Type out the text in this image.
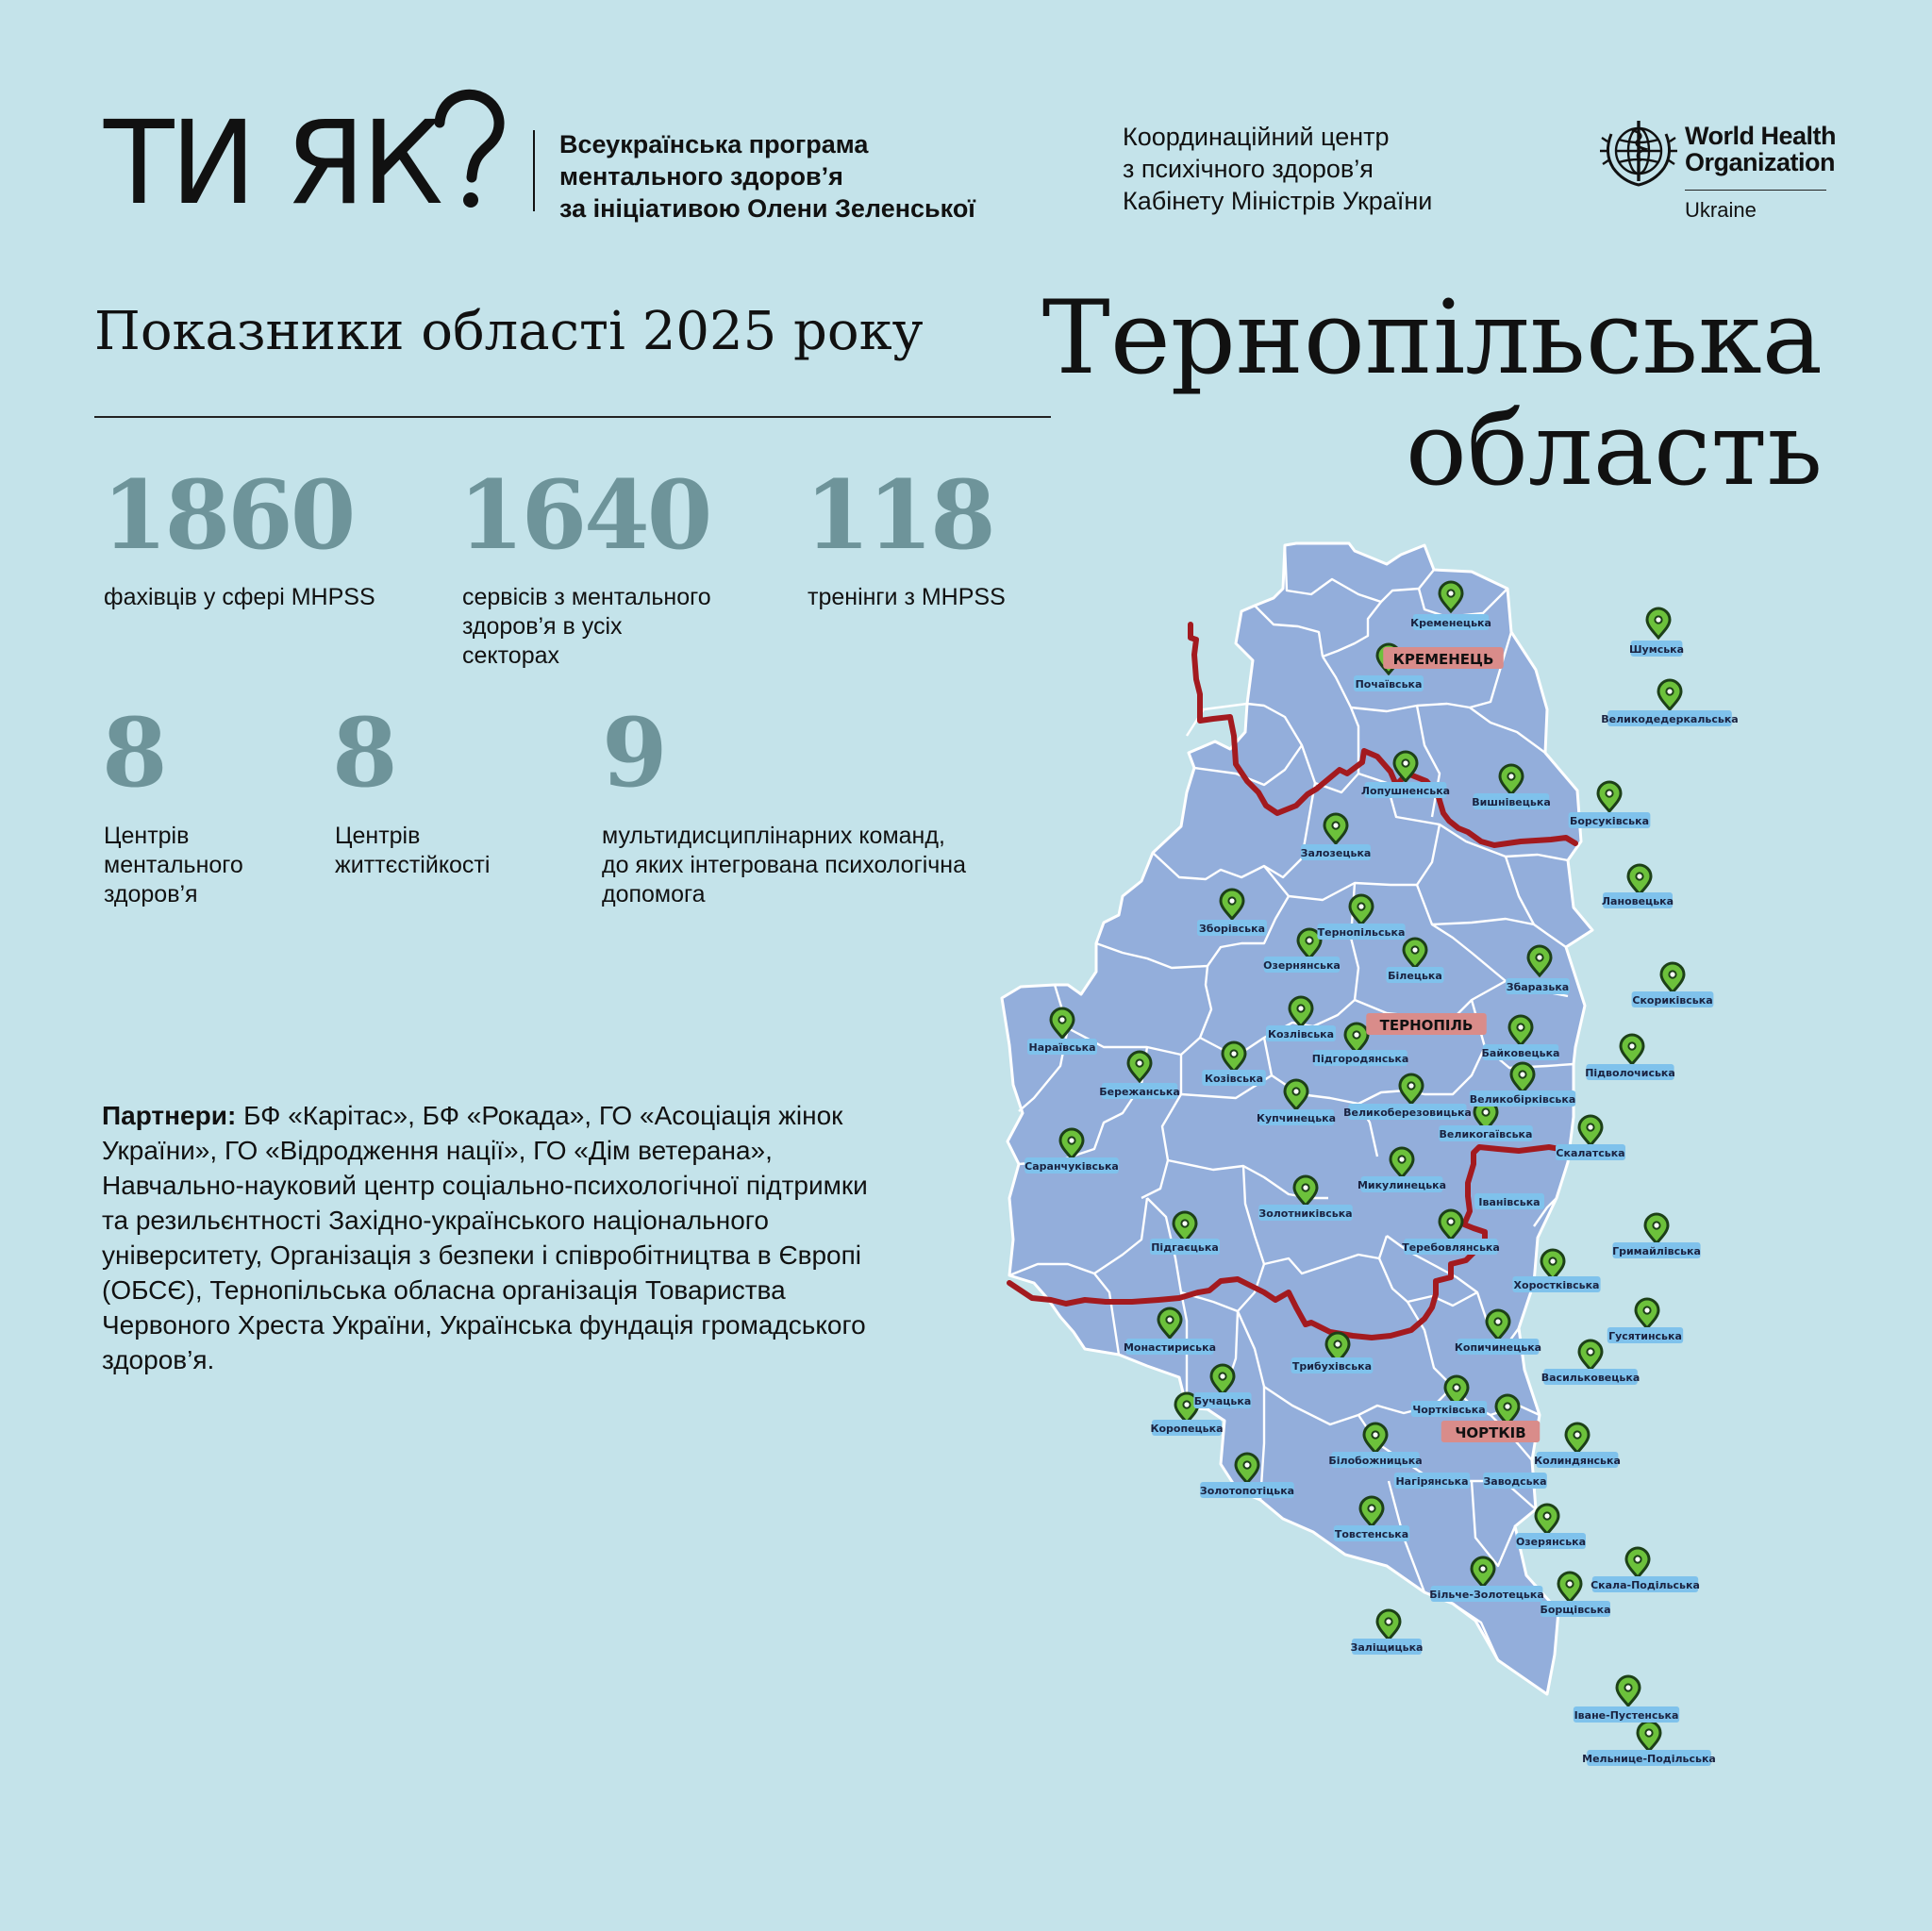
ТИ ЯК	Всеукраїнська програма
ментального здоров’я
за ініціативою Олени Зеленської
Координаційний центр
з психічного здоров’я
Кабінету Міністрів України
World Health
Organization
Ukraine
Показники області 2025 року Тернопільська
область
1860
фахівців у сфері MHPSS
1640
сервісів з ментального
здоров’я в усіх
секторах
118
тренінги з MHPSS
8
Центрів
ментального
здоров’я
8
Центрів
життєстійкості
9
мультидисциплінарних команд,
до яких інтегрована психологічна
допомога
Партнери: БФ «Карітас», БФ «Рокада», ГО «Асоціація жінок України», ГО «Відродження нації», ГО «Дім ветерана», Навчально-науковий центр соціально-психологічної підтримки та резильєнтності Західно-українського національного університету, Організація з безпеки і співробітництва в Європі (ОБСЄ), Тернопільська обласна організація Товариства Червоного Хреста України, Українська фундація громадського здоров’я.
Кременецька
Шумська
Почаївська
Великодедеркальська
Лопушненська
Вишнівецька
Борсуківська
Залозецька
Лановецька
Зборівська	Тернопільська
Озернянська
Білецька
Збаразька
Скориківська
Козлівська
Нараївська
Підгородянська	Байковецька
Бережанська
Козівська	Підволочиська
Купчинецька Великоберезовицька
Великобірківська
Великогаївська
Саранчуківська
Скалатська
Микулинецька
Золотниківська
Іванівська
Теребовлянська
Підгаєцька	Гримайлівська
Хоростківська
Монастириська	Копичинецька
Гусятинська
Трибухівська
Васильковецька
Бучацька
Чортківська
Коропецька
Колиндянська
Білобожницька
Нагірянська Заводська
Золотопотіцька
Товстенська
Озерянська
Скала-Подільська
Більче-Золотецька
Борщівська
Заліщицька
Іване-Пустенська
Мельнице-Подільська
КРЕМЕНЕЦЬ
ТЕРНОПІЛЬ
ЧОРТКІВ
